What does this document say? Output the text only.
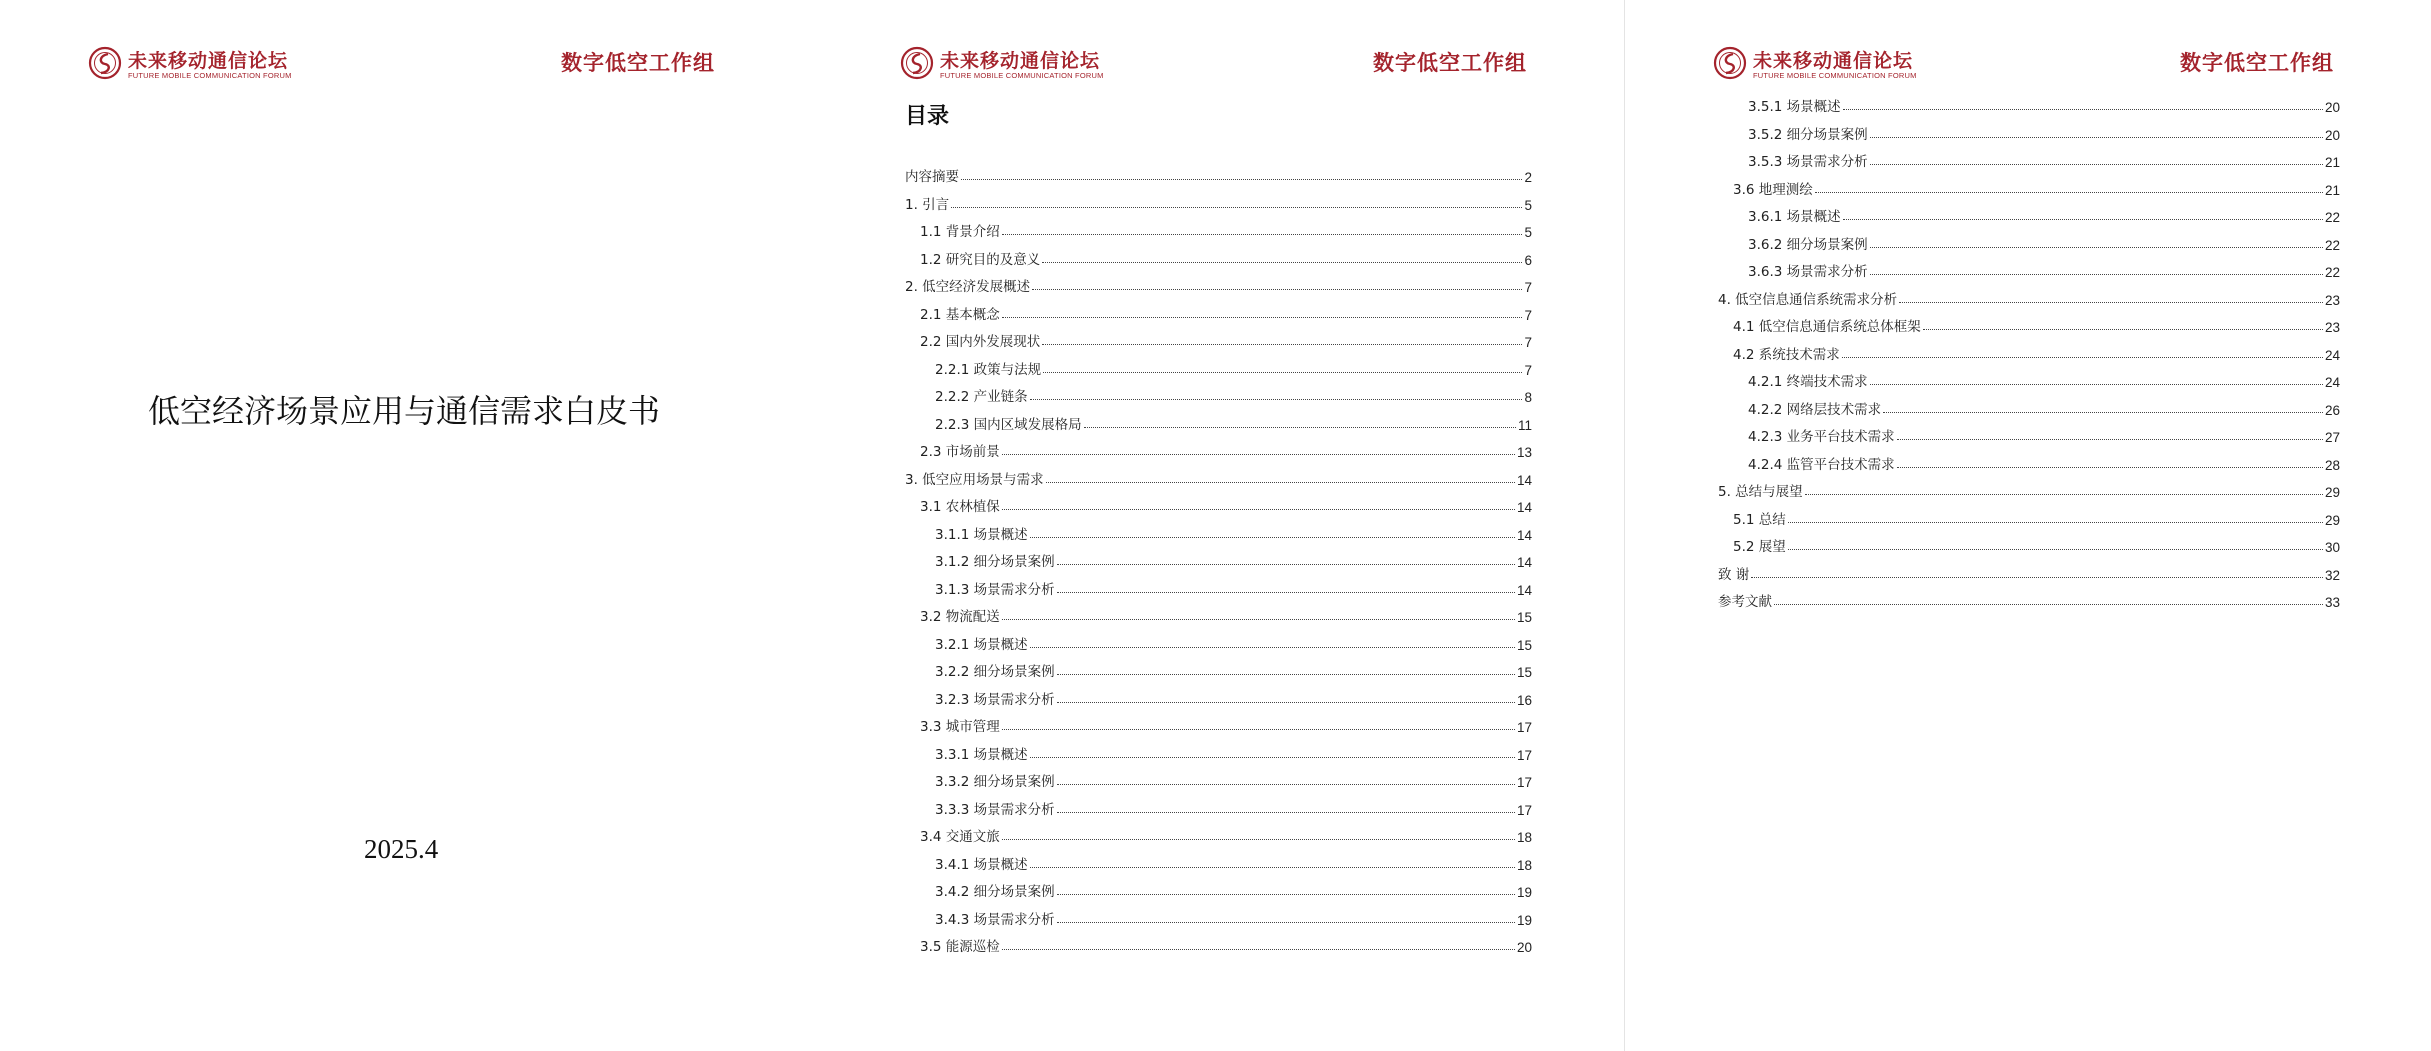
未来移动通信论坛
FUTURE MOBILE COMMUNICATION FORUM
数字低空工作组
低空经济场景应用与通信需求白皮书
2025.4
未来移动通信论坛
FUTURE MOBILE COMMUNICATION FORUM
数字低空工作组
目录
内容摘要	2
1. 引言	5
1.1 背景介绍	5
1.2 研究目的及意义	6
2. 低空经济发展概述	7
2.1 基本概念	7
2.2 国内外发展现状	7
2.2.1 政策与法规	7
2.2.2 产业链条	8
2.2.3 国内区域发展格局	11
2.3 市场前景	13
3. 低空应用场景与需求	14
3.1 农林植保	14
3.1.1 场景概述	14
3.1.2 细分场景案例	14
3.1.3 场景需求分析	14
3.2 物流配送	15
3.2.1 场景概述	15
3.2.2 细分场景案例	15
3.2.3 场景需求分析	16
3.3 城市管理	17
3.3.1 场景概述	17
3.3.2 细分场景案例	17
3.3.3 场景需求分析	17
3.4 交通文旅	18
3.4.1 场景概述	18
3.4.2 细分场景案例	19
3.4.3 场景需求分析	19
3.5 能源巡检	20
未来移动通信论坛
FUTURE MOBILE COMMUNICATION FORUM
数字低空工作组
3.5.1 场景概述	20
3.5.2 细分场景案例	20
3.5.3 场景需求分析	21
3.6 地理测绘	21
3.6.1 场景概述	22
3.6.2 细分场景案例	22
3.6.3 场景需求分析	22
4. 低空信息通信系统需求分析	23
4.1 低空信息通信系统总体框架	23
4.2 系统技术需求	24
4.2.1 终端技术需求	24
4.2.2 网络层技术需求	26
4.2.3 业务平台技术需求	27
4.2.4 监管平台技术需求	28
5. 总结与展望	29
5.1 总结	29
5.2 展望	30
致 谢	32
参考文献	33
